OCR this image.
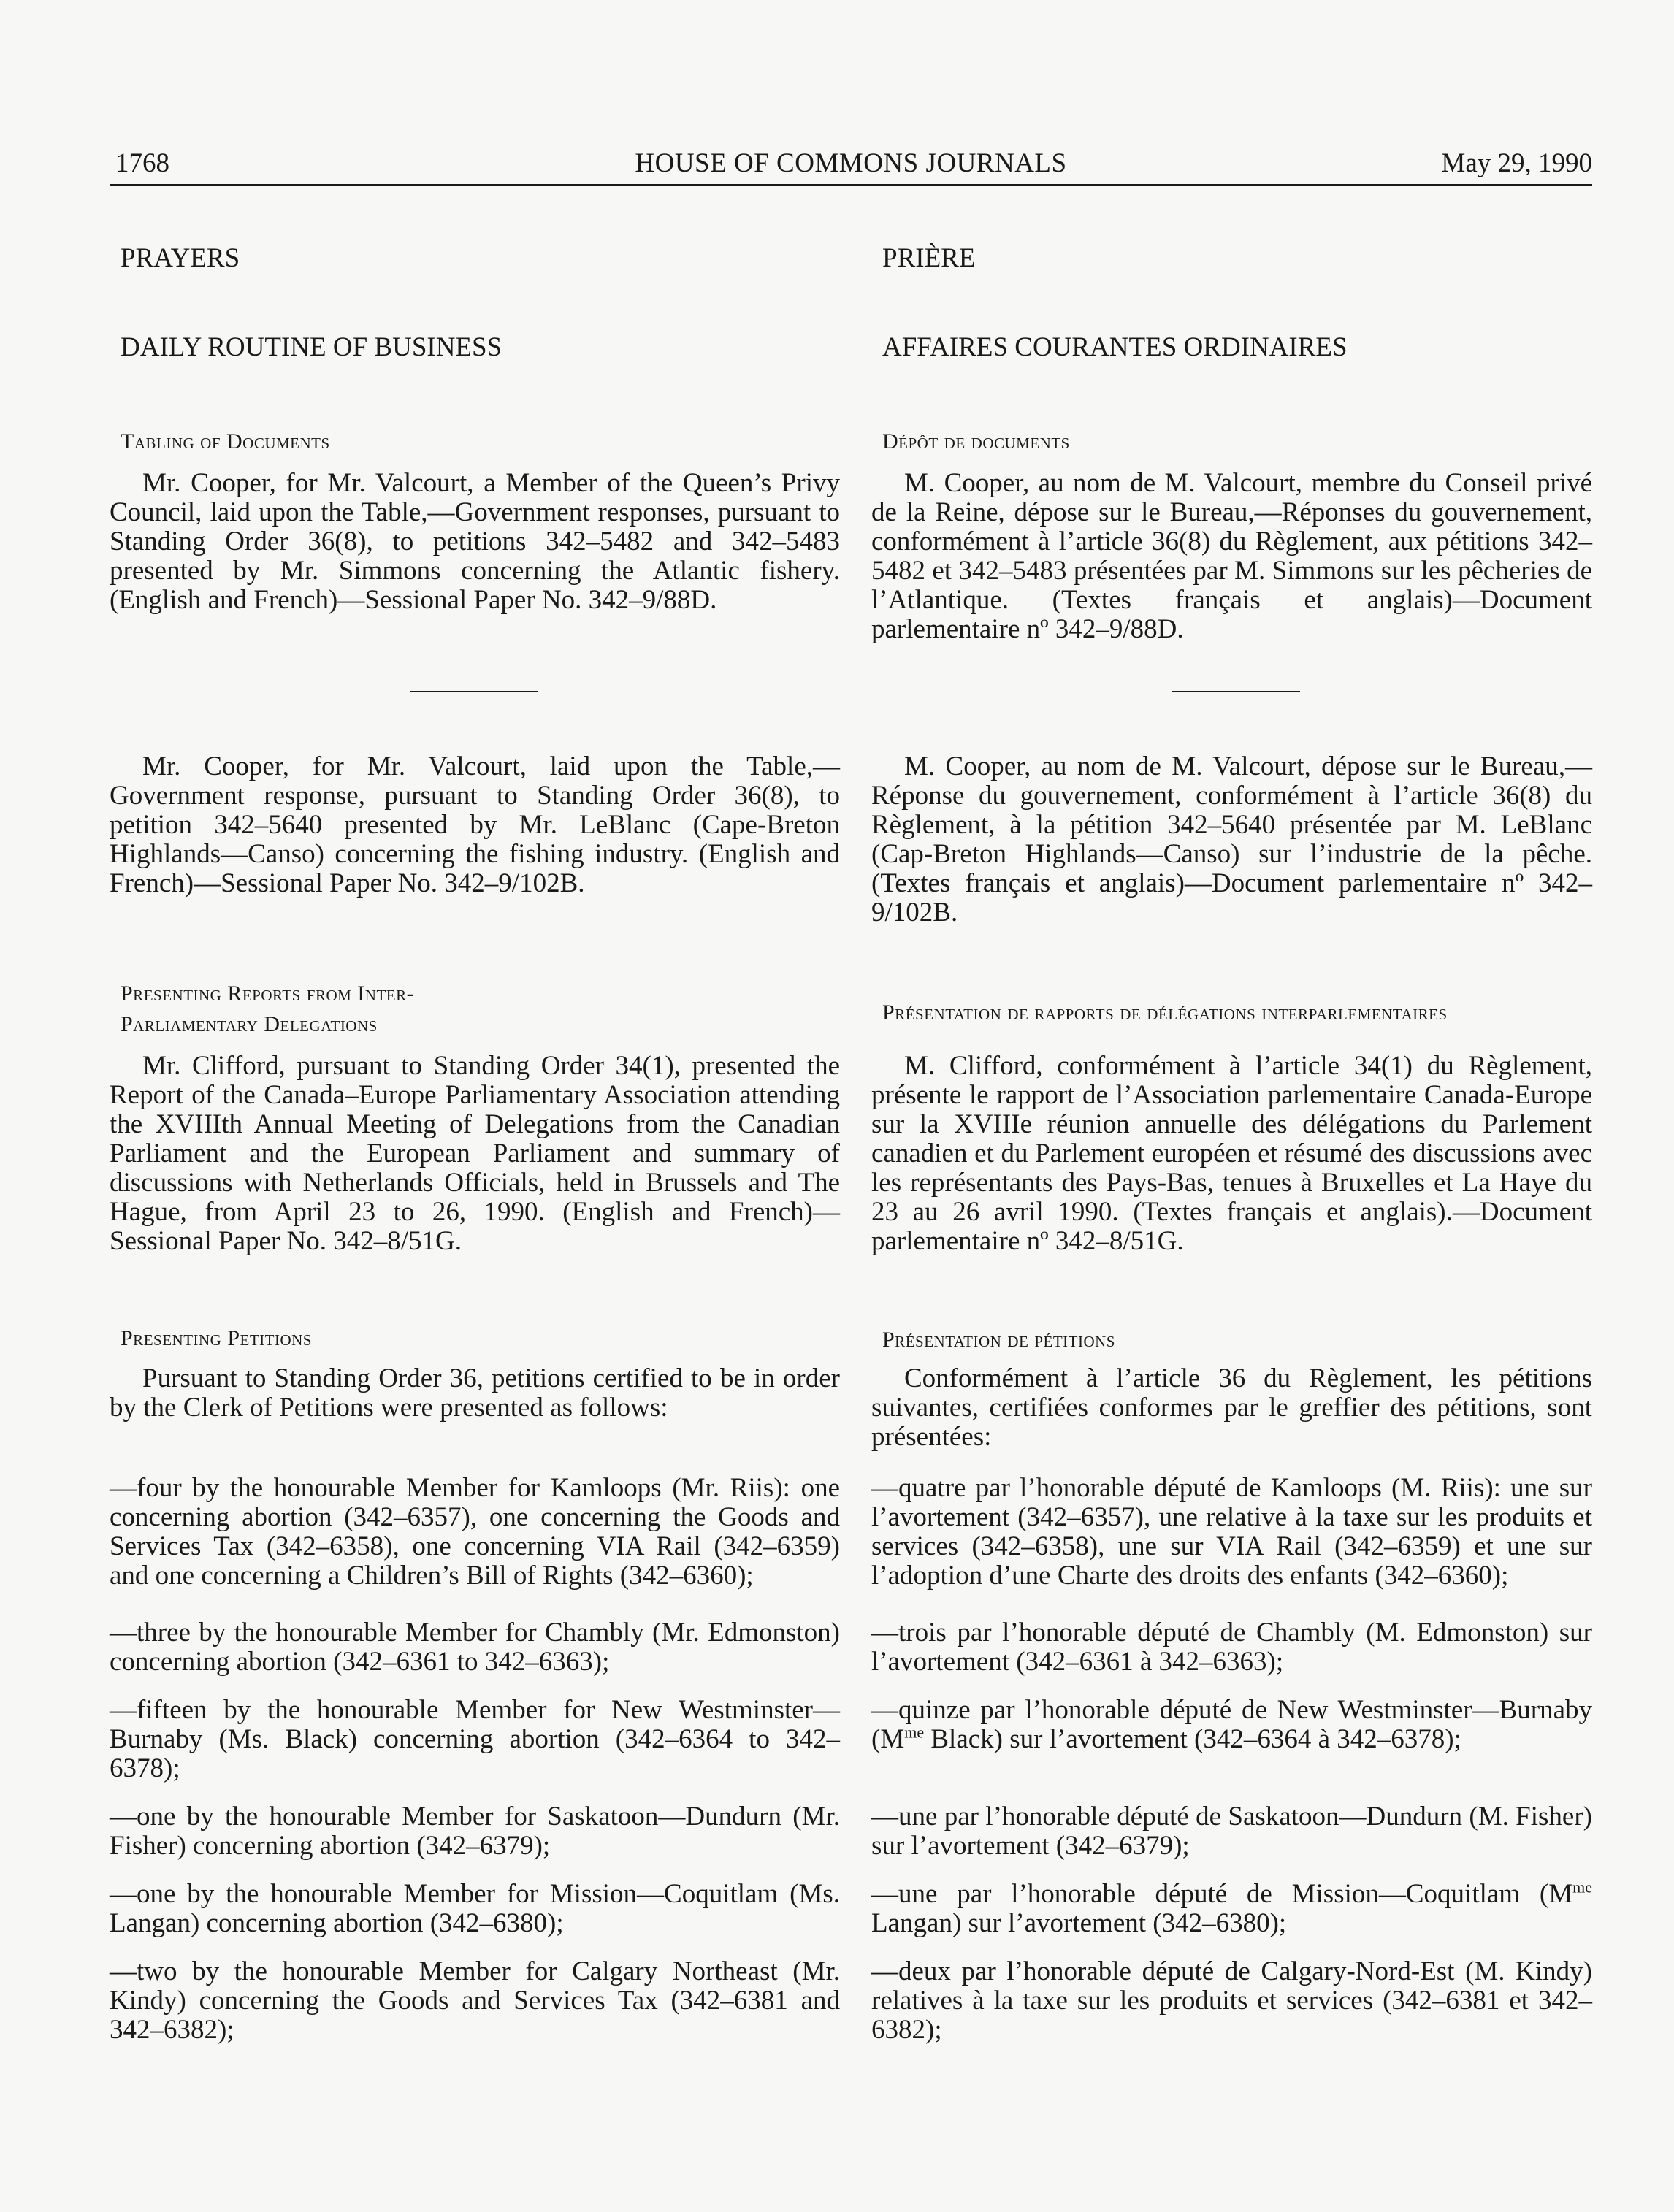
1768	HOUSE OF COMMONS JOURNALS	May 29, 1990
PRAYERS
DAILY ROUTINE OF BUSINESS
Tabling of Documents
Mr. Cooper, for Mr. Valcourt, a Member of the Queen’s Privy Council, laid upon the Table,—Government responses, pursuant to Standing Order 36(8), to petitions 342–5482 and 342–5483 presented by Mr. Simmons concerning the Atlantic fishery. (English and French)—Sessional Paper No. 342–9/88D.
Mr. Cooper, for Mr. Valcourt, laid upon the Table,—Government response, pursuant to Standing Order 36(8), to petition 342–5640 presented by Mr. LeBlanc (Cape-Breton Highlands—Canso) concerning the fishing industry. (English and French)—Sessional Paper No. 342–9/102B.
Presenting Reports from Inter-
Parliamentary Delegations
Mr. Clifford, pursuant to Standing Order 34(1), presented the Report of the Canada–Europe Parliamentary Association attending the XVIIIth Annual Meeting of Delegations from the Canadian Parliament and the European Parliament and summary of discussions with Netherlands Officials, held in Brussels and The Hague, from April 23 to 26, 1990. (English and French)—Sessional Paper No. 342–8/51G.
Presenting Petitions
Pursuant to Standing Order 36, petitions certified to be in order by the Clerk of Petitions were presented as follows:
—four by the honourable Member for Kamloops (Mr. Riis): one concerning abortion (342–6357), one concerning the Goods and Services Tax (342–6358), one concerning VIA Rail (342–6359) and one concerning a Children’s Bill of Rights (342–6360);
—three by the honourable Member for Chambly (Mr. Edmonston) concerning abortion (342–6361 to 342–6363);
—fifteen by the honourable Member for New Westminster—Burnaby (Ms. Black) concerning abortion (342–6364 to 342–6378);
—one by the honourable Member for Saskatoon—Dundurn (Mr. Fisher) concerning abortion (342–6379);
—one by the honourable Member for Mission—Coquitlam (Ms. Langan) concerning abortion (342–6380);
—two by the honourable Member for Calgary Northeast (Mr. Kindy) concerning the Goods and Services Tax (342–6381 and 342–6382);
PRIÈRE
AFFAIRES COURANTES ORDINAIRES
Dépôt de documents
M. Cooper, au nom de M. Valcourt, membre du Conseil privé de la Reine, dépose sur le Bureau,—Réponses du gouvernement, conformément à l’article 36(8) du Règlement, aux pétitions 342–5482 et 342–5483 présentées par M. Simmons sur les pêcheries de l’Atlantique. (Textes français et anglais)—Document parlementaire nº 342–9/88D.
M. Cooper, au nom de M. Valcourt, dépose sur le Bureau,—Réponse du gouvernement, conformément à l’article 36(8) du Règlement, à la pétition 342–5640 présentée par M. LeBlanc (Cap-Breton Highlands—Canso) sur l’industrie de la pêche. (Textes français et anglais)—Document parlementaire nº 342–9/102B.
Présentation de rapports de délégations interparlementaires
M. Clifford, conformément à l’article 34(1) du Règlement, présente le rapport de l’Association parlementaire Canada-Europe sur la XVIIIe réunion annuelle des délégations du Parlement canadien et du Parlement européen et résumé des discussions avec les représentants des Pays-Bas, tenues à Bruxelles et La Haye du 23 au 26 avril 1990. (Textes français et anglais).—Document parlementaire nº 342–8/51G.
Présentation de pétitions
Conformément à l’article 36 du Règlement, les pétitions suivantes, certifiées conformes par le greffier des pétitions, sont présentées:
—quatre par l’honorable député de Kamloops (M. Riis): une sur l’avortement (342–6357), une relative à la taxe sur les produits et services (342–6358), une sur VIA Rail (342–6359) et une sur l’adoption d’une Charte des droits des enfants (342–6360);
—trois par l’honorable député de Chambly (M. Edmonston) sur l’avortement (342–6361 à 342–6363);
—quinze par l’honorable député de New Westminster—Burnaby ($M^{me}$ Black) sur l’avortement (342–6364 à 342–6378);
—une par l’honorable député de Saskatoon—Dundurn (M. Fisher) sur l’avortement (342–6379);
—une par l’honorable député de Mission—Coquitlam ($M^{me}$ Langan) sur l’avortement (342–6380);
—deux par l’honorable député de Calgary-Nord-Est (M. Kindy) relatives à la taxe sur les produits et services (342–6381 et 342–6382);
